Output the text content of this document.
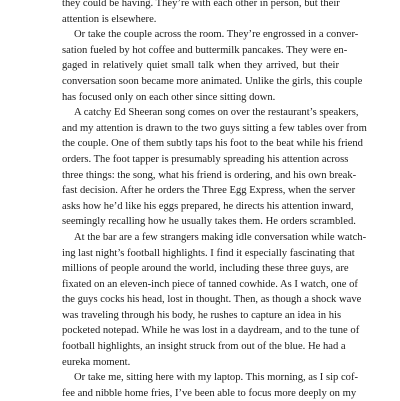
they could be having. They’re with each other in person, but their
attention is elsewhere.

Or take the couple across the room. They’re engrossed in a conver-
sation fueled by hot coffee and buttermilk pancakes. They were en-
gaged in relatively quiet small talk when they arrived, but their
conversation soon became more animated. Unlike the girls, this couple
has focused only on each other since sitting down.

A catchy Ed Sheeran song comes on over the restaurant’s speakers,
and my attention is drawn to the two guys sitting a few tables over from
the couple. One of them subtly taps his foot to the beat while his friend
orders. The foot tapper is presumably spreading his attention across
three things: the song, what his friend is ordering, and his own break-
fast decision. After he orders the Three Egg Express, when the server
asks how he’d like his eggs prepared, he directs his attention inward,
seemingly recalling how he usually takes them. He orders scrambled.

At the bar are a few strangers making idle conversation while watch-
ing last night’s football highlights. I find it especially fascinating that
millions of people around the world, including these three guys, are
fixated on an eleven-inch piece of tanned cowhide. As I watch, one of
the guys cocks his head, lost in thought. Then, as though a shock wave
was traveling through his body, he rushes to capture an idea in his
pocketed notepad. While he was lost in a daydream, and to the tune of
football highlights, an insight struck from out of the blue. He had a
eureka moment.

Or take me, sitting here with my laptop. This morning, as I sip cof-
fee and nibble home fries, I’ve been able to focus more deeply on my
